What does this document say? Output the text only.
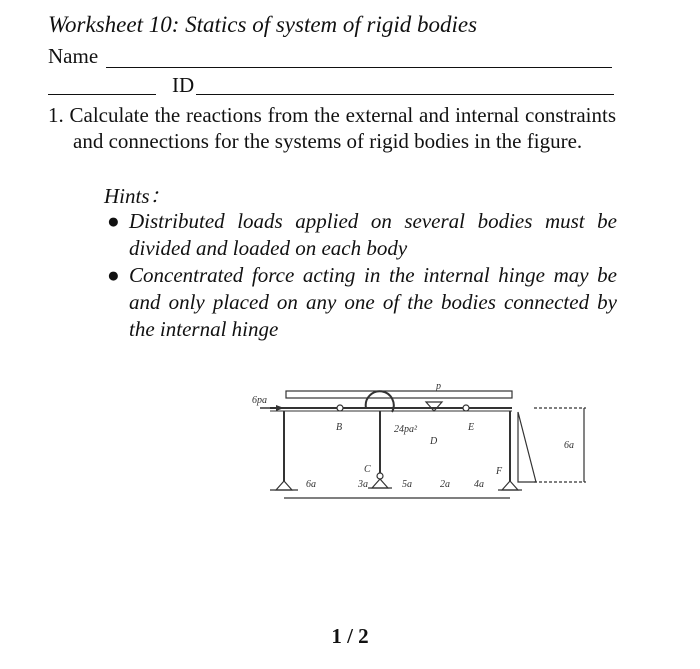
Worksheet 10: Statics of system of rigid bodies
Name
ID
1. Calculate the reactions from the external and internal constraints and connections for the systems of rigid bodies in the figure.
Hints：
● Distributed loads applied on several bodies must be divided and loaded on each body
● Concentrated force acting in the internal hinge may be and only placed on any one of the bodies connected by the internal hinge
p
6pa
24pa²
B
C
D
E
F
6a	3a	5a	2a 4a
6a
1 / 2
